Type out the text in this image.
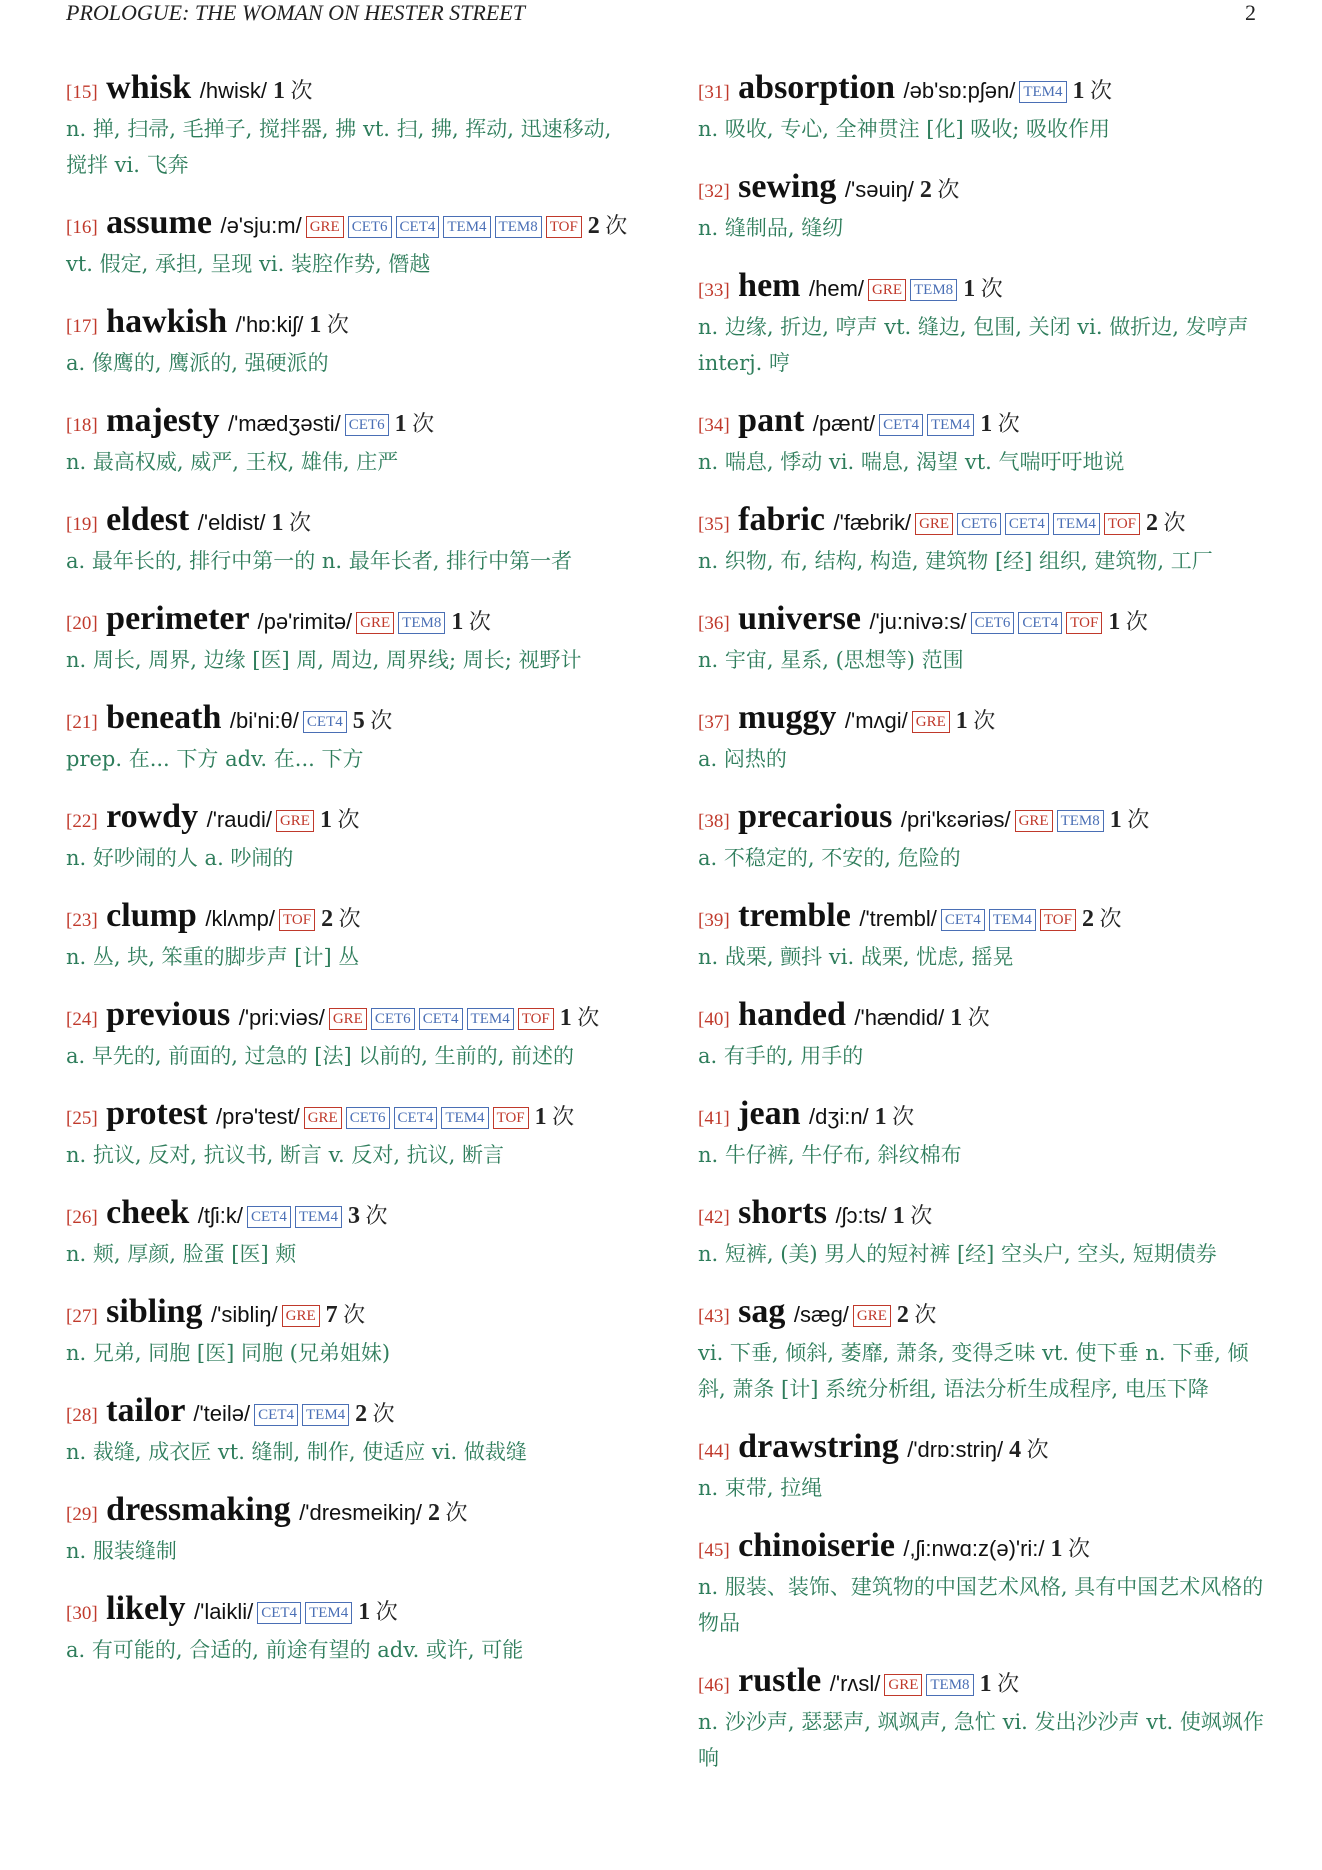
PROLOGUE: THE WOMAN ON HESTER STREET	2
[15] whisk /hwisk/ 1 次
n. 掸, 扫帚, 毛掸子, 搅拌器, 拂 vt. 扫, 拂, 挥动, 迅速移动, 搅拌 vi. 飞奔
[16] assume /ə'sju:m/ GRE CET6 CET4 TEM4 TEM8 TOF 2 次
vt. 假定, 承担, 呈现 vi. 装腔作势, 僭越
[17] hawkish /'hɒ:kiʃ/ 1 次
a. 像鹰的, 鹰派的, 强硬派的
[18] majesty /'mædʒəsti/ CET6 1 次
n. 最高权威, 威严, 王权, 雄伟, 庄严
[19] eldest /'eldist/ 1 次
a. 最年长的, 排行中第一的 n. 最年长者, 排行中第一者
[20] perimeter /pə'rimitə/ GRE TEM8 1 次
n. 周长, 周界, 边缘 [医] 周, 周边, 周界线; 周长; 视野计
[21] beneath /bi'ni:θ/ CET4 5 次
prep. 在... 下方 adv. 在... 下方
[22] rowdy /'raudi/ GRE 1 次
n. 好吵闹的人 a. 吵闹的
[23] clump /klʌmp/ TOF 2 次
n. 丛, 块, 笨重的脚步声 [计] 丛
[24] previous /'pri:viəs/ GRE CET6 CET4 TEM4 TOF 1 次
a. 早先的, 前面的, 过急的 [法] 以前的, 生前的, 前述的
[25] protest /prə'test/ GRE CET6 CET4 TEM4 TOF 1 次
n. 抗议, 反对, 抗议书, 断言 v. 反对, 抗议, 断言
[26] cheek /tʃi:k/ CET4 TEM4 3 次
n. 颊, 厚颜, 脸蛋 [医] 颊
[27] sibling /'sibliŋ/ GRE 7 次
n. 兄弟, 同胞 [医] 同胞 (兄弟姐妹)
[28] tailor /'teilə/ CET4 TEM4 2 次
n. 裁缝, 成衣匠 vt. 缝制, 制作, 使适应 vi. 做裁缝
[29] dressmaking /'dresmeikiŋ/ 2 次
n. 服装缝制
[30] likely /'laikli/ CET4 TEM4 1 次
a. 有可能的, 合适的, 前途有望的 adv. 或许, 可能
[31] absorption /əb'sɒ:pʃən/ TEM4 1 次
n. 吸收, 专心, 全神贯注 [化] 吸收; 吸收作用
[32] sewing /'səuiŋ/ 2 次
n. 缝制品, 缝纫
[33] hem /hem/ GRE TEM8 1 次
n. 边缘, 折边, 哼声 vt. 缝边, 包围, 关闭 vi. 做折边, 发哼声 interj. 哼
[34] pant /pænt/ CET4 TEM4 1 次
n. 喘息, 悸动 vi. 喘息, 渴望 vt. 气喘吁吁地说
[35] fabric /'fæbrik/ GRE CET6 CET4 TEM4 TOF 2 次
n. 织物, 布, 结构, 构造, 建筑物 [经] 组织, 建筑物, 工厂
[36] universe /'ju:nivə:s/ CET6 CET4 TOF 1 次
n. 宇宙, 星系, (思想等) 范围
[37] muggy /'mʌgi/ GRE 1 次
a. 闷热的
[38] precarious /pri'kɛəriəs/ GRE TEM8 1 次
a. 不稳定的, 不安的, 危险的
[39] tremble /'trembl/ CET4 TEM4 TOF 2 次
n. 战栗, 颤抖 vi. 战栗, 忧虑, 摇晃
[40] handed /'hændid/ 1 次
a. 有手的, 用手的
[41] jean /dʒi:n/ 1 次
n. 牛仔裤, 牛仔布, 斜纹棉布
[42] shorts /ʃɔ:ts/ 1 次
n. 短裤, (美) 男人的短衬裤 [经] 空头户, 空头, 短期债券
[43] sag /sæg/ GRE 2 次
vi. 下垂, 倾斜, 萎靡, 萧条, 变得乏味 vt. 使下垂 n. 下垂, 倾斜, 萧条 [计] 系统分析组, 语法分析生成程序, 电压下降
[44] drawstring /'drɒ:striŋ/ 4 次
n. 束带, 拉绳
[45] chinoiserie /,ʃi:nwɑ:z(ə)'ri:/ 1 次
n. 服装、装饰、建筑物的中国艺术风格, 具有中国艺术风格的物品
[46] rustle /'rʌsl/ GRE TEM8 1 次
n. 沙沙声, 瑟瑟声, 飒飒声, 急忙 vi. 发出沙沙声 vt. 使飒飒作响
